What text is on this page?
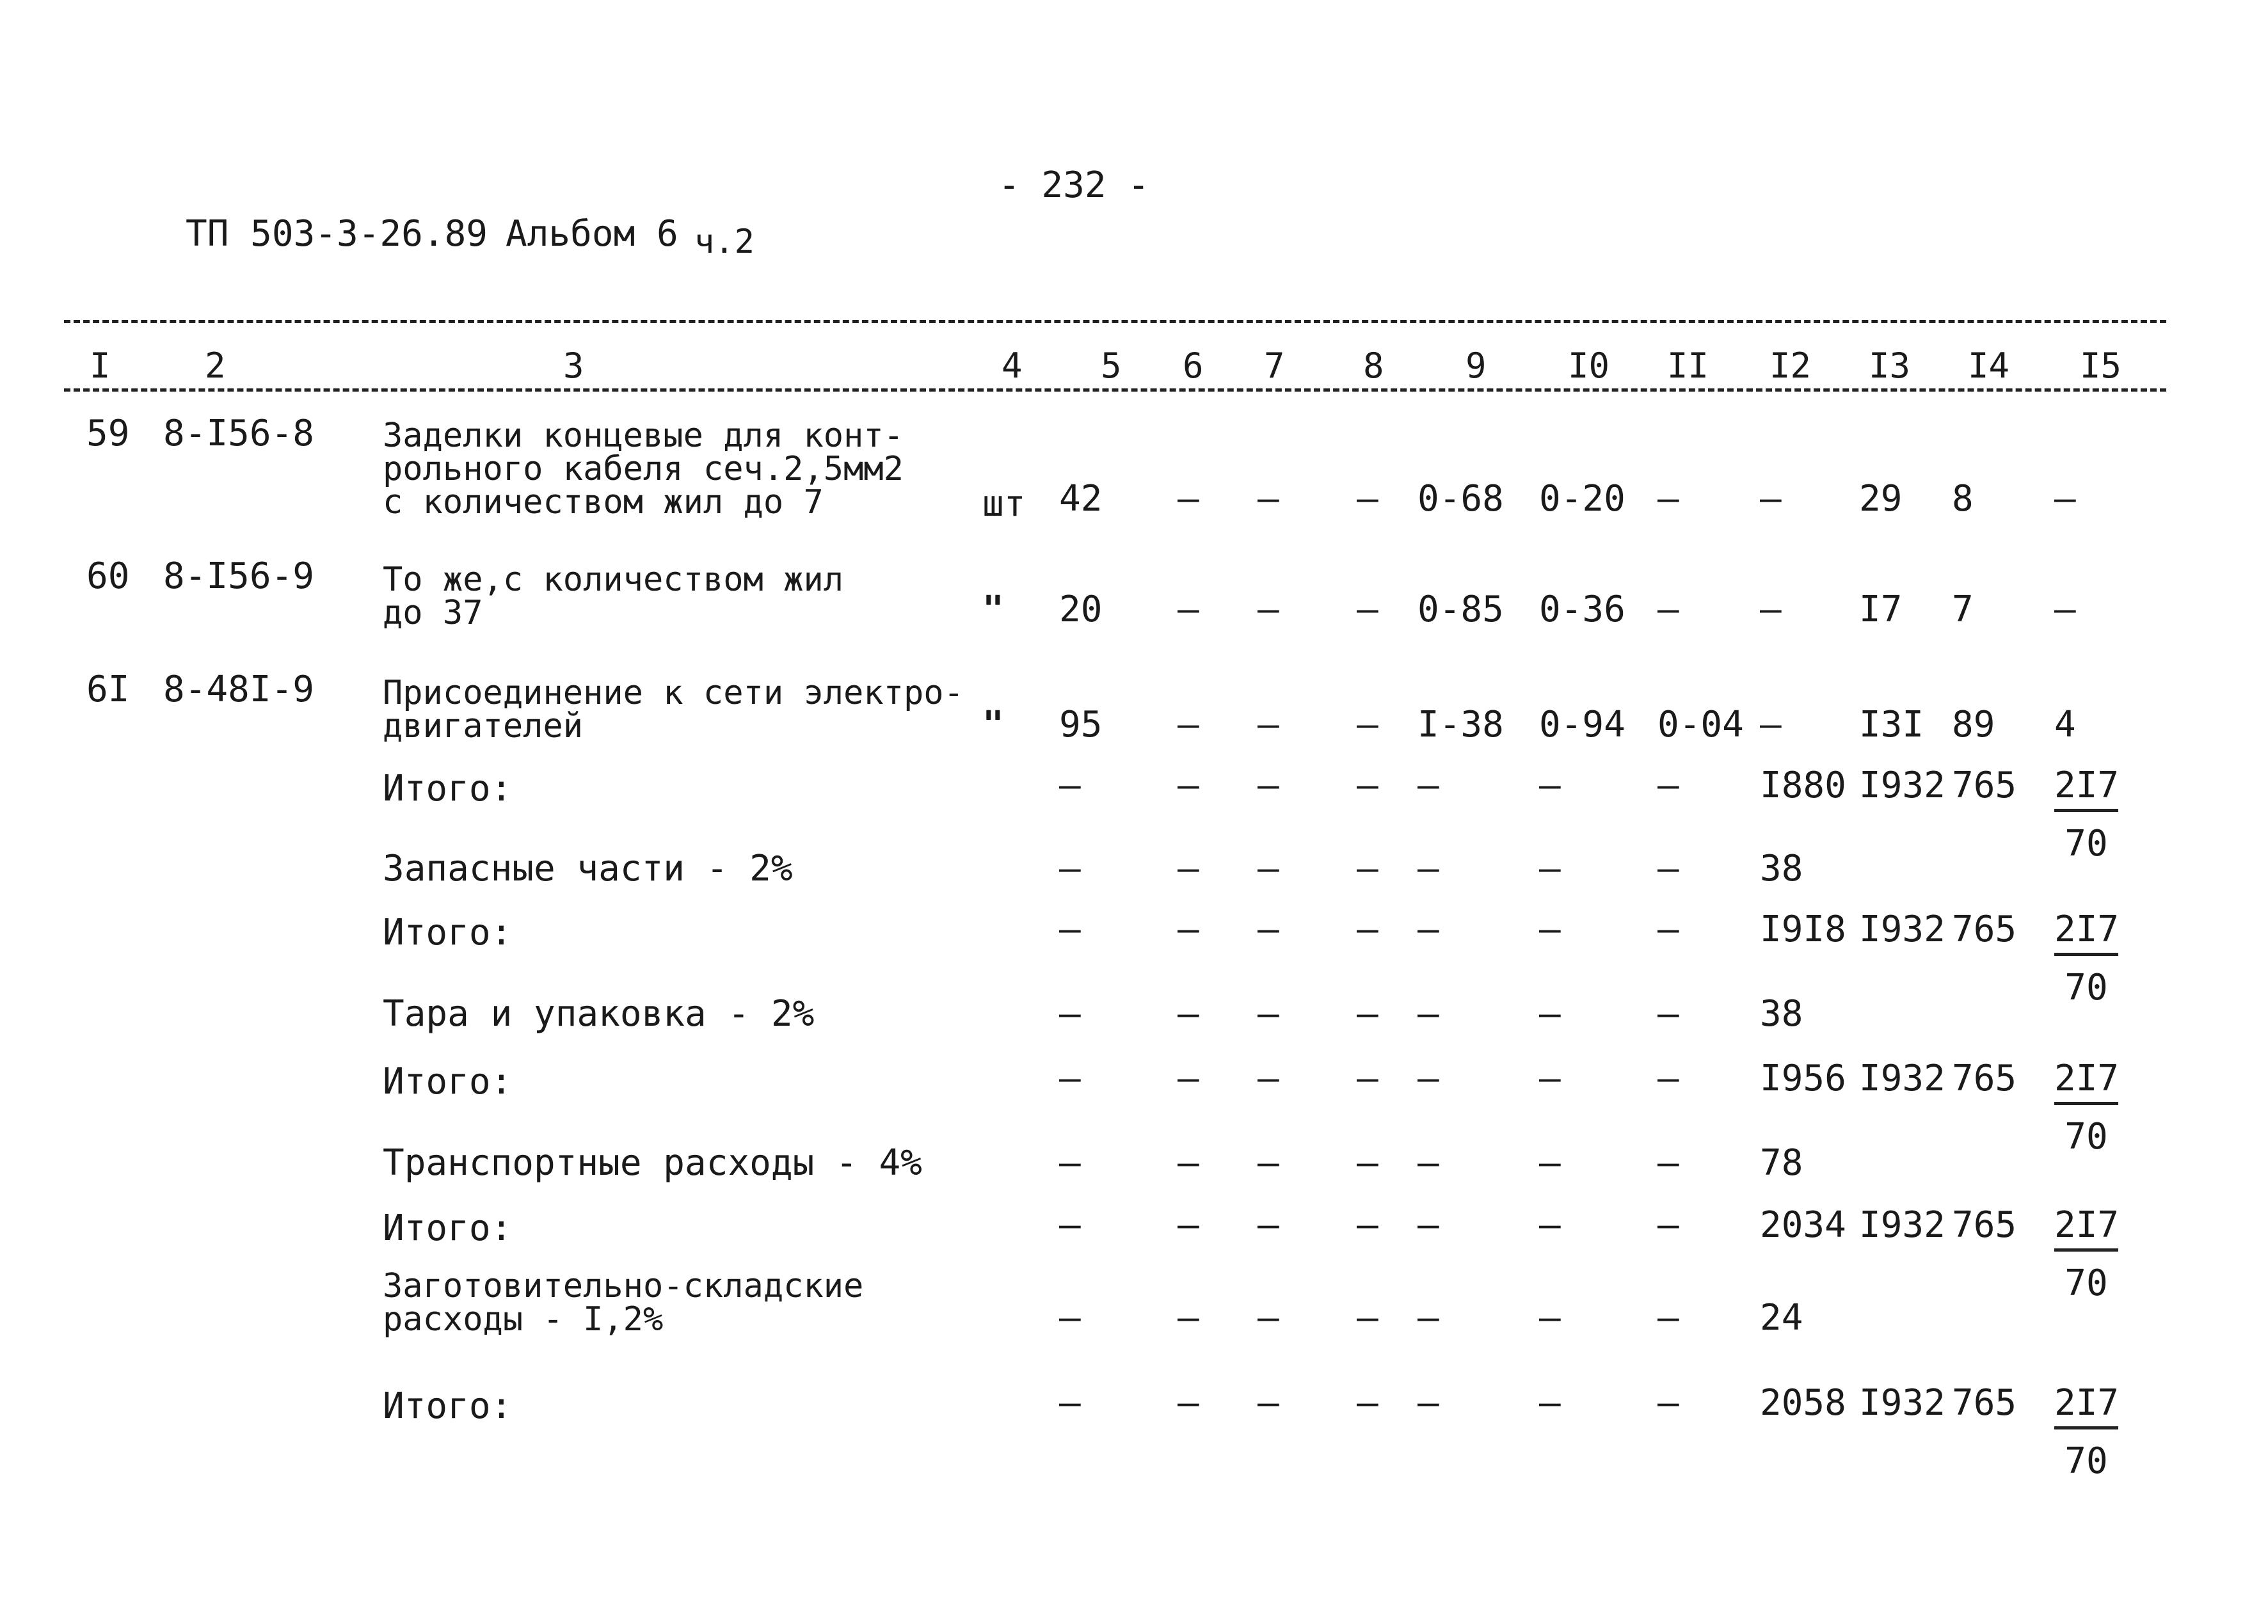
- 232 -
ТП 503-3-26.89 Альбом 6 ч.2
I	2	3	4 5 6 7 8 9 I0 II I2 I3 I4 I5
59 8-I56-8 Заделки концевые для конт-
рольного кабеля сеч.2,5мм2
с количеством жил до 7	шт 42 – – – 0-68 0-20 – – 29 8 –
60 8-I56-9 То же,с количеством жил
до 37	" 20 – – – 0-85 0-36 – – I7 7 –
6I 8-48I-9 Присоединение к сети электро-
двигателей	" 95 – – – I-38 0-94 0-04 – I3I 89 4
Итого:	–	– – – –	–	– I880 I932 $765 \frac{2I7}{70}$
Запасные части - 2%	–	– – – –	–	– 38
Итого:	–	– – – –	–	– I9I8 I932 $765 \frac{2I7}{70}$
Тара и упаковка - 2%	–	– – – –	–	– 38
Итого:	–	– – – –	–	– I956 I932 $765 \frac{2I7}{70}$
Транспортные расходы - 4%	–	– – – –	–	– 78
Итого:	–	– – – –	–	– 2034 I932 $765 \frac{2I7}{70}$
Заготовительно-складские
расходы - I,2%	–	– – – –	–	– 24
Итого:	–	– – – –	–	– 2058 I932 $765 \frac{2I7}{70}$
